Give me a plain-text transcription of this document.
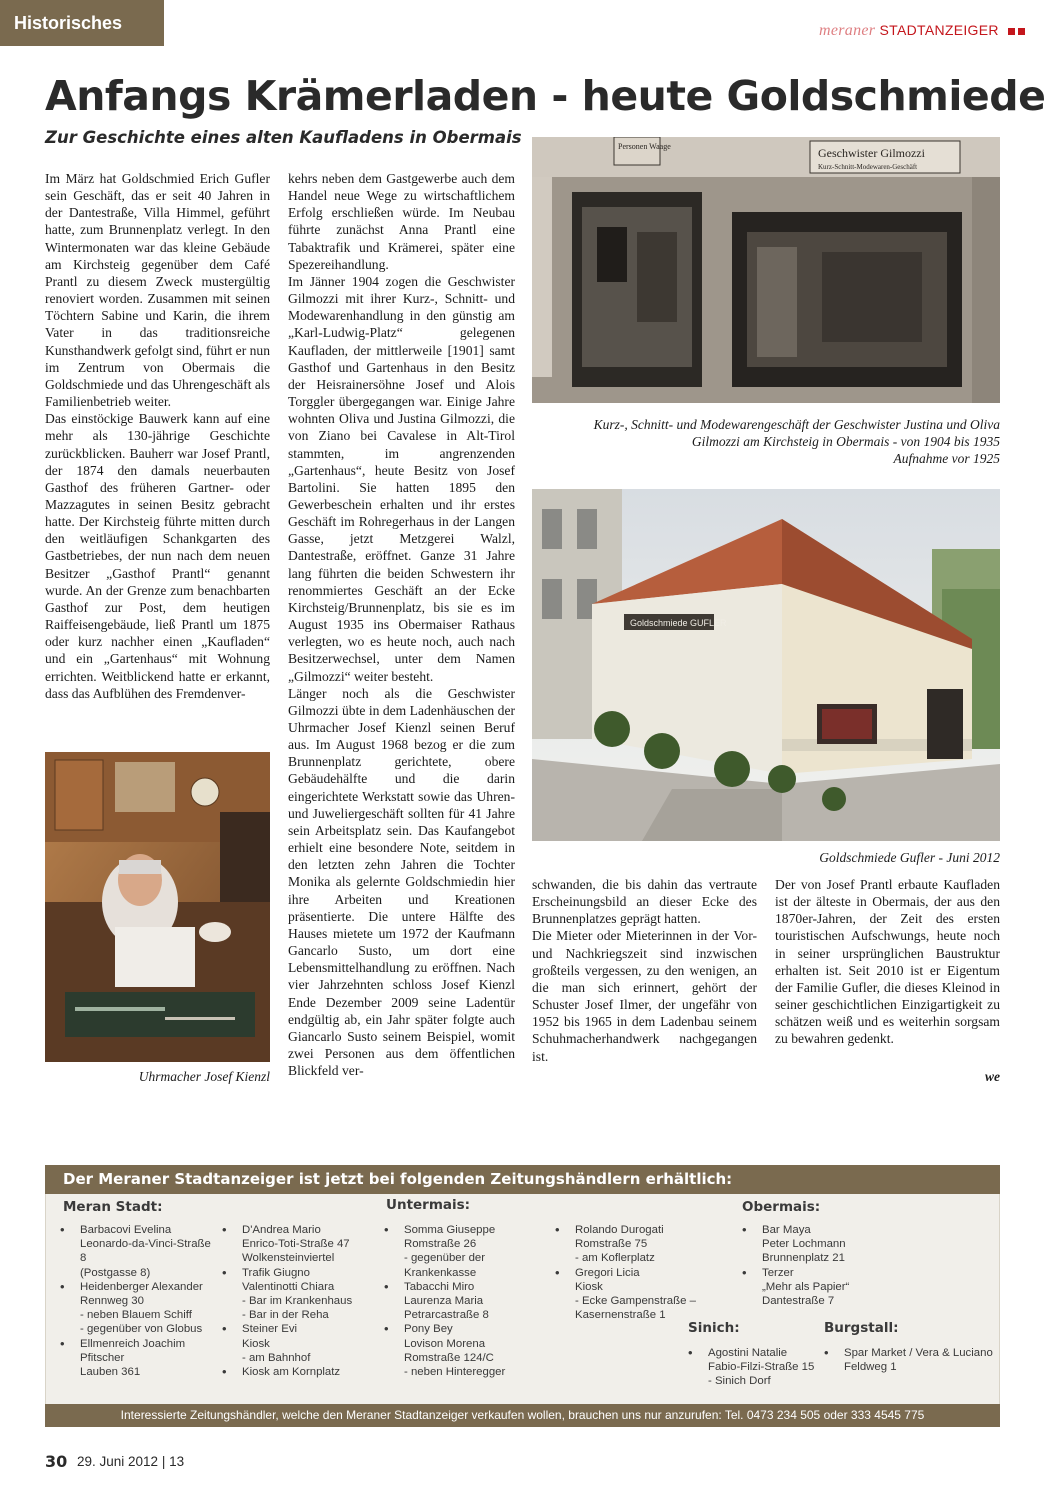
Historisches	meraner STADTANZEIGER
Anfangs Krämerladen - heute Goldschmiede
Zur Geschichte eines alten Kaufladens in Obermais

Im März hat Goldschmied Erich Gufler sein Geschäft, das er seit 40 Jahren in der Dantestraße, Villa Himmel, geführt hatte, zum Brunnenplatz verlegt. In den Wintermonaten war das kleine Gebäude am Kirchsteig gegenüber dem Café Prantl zu diesem Zweck mustergültig renoviert worden. Zusammen mit seinen Töchtern Sabine und Karin, die ihrem Vater in das traditionsreiche Kunsthandwerk gefolgt sind, führt er nun im Zentrum von Obermais die Goldschmiede und das Uhrengeschäft als Familienbetrieb weiter.

Das einstöckige Bauwerk kann auf eine mehr als 130-jährige Geschichte zurückblicken. Bauherr war Josef Prantl, der 1874 den damals neuerbauten Gasthof des früheren Gartner- oder Mazzagutes in seinen Besitz gebracht hatte. Der Kirchsteig führte mitten durch den weitläufigen Schankgarten des Gastbetriebes, der nun nach dem neuen Besitzer „Gasthof Prantl“ genannt wurde. An der Grenze zum benachbarten Gasthof zur Post, dem heutigen Raiffeisengebäude, ließ Prantl um 1875 oder kurz nachher einen „Kaufladen“ und ein „Gartenhaus“ mit Wohnung errichten. Weitblickend hatte er erkannt, dass das Aufblühen des Fremdenver-

kehrs neben dem Gastgewerbe auch dem Handel neue Wege zu wirtschaftlichem Erfolg erschließen würde. Im Neubau führte zunächst Anna Prantl eine Tabaktrafik und Krämerei, später eine Spezereihandlung.

Im Jänner 1904 zogen die Geschwister Gilmozzi mit ihrer Kurz-, Schnitt- und Modewarenhandlung in den günstig am „Karl-Ludwig-Platz“ gelegenen Kaufladen, der mittlerweile [1901] samt Gasthof und Gartenhaus in den Besitz der Heisrainersöhne Josef und Alois Torggler übergegangen war. Einige Jahre wohnten Oliva und Justina Gilmozzi, die von Ziano bei Cavalese in Alt-Tirol stammten, im angrenzenden „Gartenhaus“, heute Besitz von Josef Bartolini. Sie hatten 1895 den Gewerbeschein erhalten und ihr erstes Geschäft im Rohregerhaus in der Langen Gasse, jetzt Metzgerei Walzl, Dantestraße, eröffnet. Ganze 31 Jahre lang führten die beiden Schwestern ihr renommiertes Geschäft an der Ecke Kirchsteig/Brunnenplatz, bis sie es im August 1935 ins Obermaiser Rathaus verlegten, wo es heute noch, auch nach Besitzerwechsel, unter dem Namen „Gilmozzi“ weiter besteht.

Länger noch als die Geschwister Gilmozzi übte in dem Ladenhäuschen der Uhrmacher Josef Kienzl seinen Beruf aus. Im August 1968 bezog er die zum Brunnenplatz gerichtete, obere Gebäudehälfte und die darin eingerichtete Werkstatt sowie das Uhren- und Juweliergeschäft sollten für 41 Jahre sein Arbeitsplatz sein. Das Kaufangebot erhielt eine besondere Note, seitdem in den letzten zehn Jahren die Tochter Monika als gelernte Goldschmiedin hier ihre Arbeiten und Kreationen präsentierte. Die untere Hälfte des Hauses mietete um 1972 der Kaufmann Gancarlo Susto, um dort eine Lebensmittelhandlung zu eröffnen. Nach vier Jahrzehnten schloss Josef Kienzl Ende Dezember 2009 seine Ladentür endgültig ab, ein Jahr später folgte auch Giancarlo Susto seinem Beispiel, womit zwei Personen aus dem öffentlichen Blickfeld ver-

schwanden, die bis dahin das vertraute Erscheinungsbild an dieser Ecke des Brunnenplatzes geprägt hatten.

Die Mieter oder Mieterinnen in der Vor- und Nachkriegszeit sind inzwischen großteils vergessen, zu den wenigen, an die man sich erinnert, gehört der Schuster Josef Ilmer, der ungefähr von 1952 bis 1965 in dem Ladenbau seinem Schuhmacherhandwerk nachgegangen ist.

Der von Josef Prantl erbaute Kaufladen ist der älteste in Obermais, der aus den 1870er-Jahren, der Zeit des ersten touristischen Aufschwungs, heute noch in seiner ursprünglichen Baustruktur erhalten ist. Seit 2010 ist er Eigentum der Familie Gufler, die dieses Kleinod in seiner geschichtlichen Einzigartigkeit zu schätzen weiß und es weiterhin sorgsam zu bewahren gedenkt.

we
Uhrmacher Josef Kienzl
Geschwister Gilmozzi
Kurz-Schnitt-Modewaren-Geschäft
Personen Waage
Kurz-, Schnitt- und Modewarengeschäft der Geschwister Justina und Oliva
Gilmozzi am Kirchsteig in Obermais - von 1904 bis 1935
Aufnahme vor 1925
Goldschmiede GUFLER
Goldschmiede Gufler - Juni 2012
Der Meraner Stadtanzeiger ist jetzt bei folgenden Zeitungshändlern erhältlich:
Meran Stadt:	Untermais:	Obermais:
Sinich:	Burgstall:
• Barbacovi Evelina
Leonardo-da-Vinci-Straße 8
(Postgasse 8)
• Heidenberger Alexander
Rennweg 30
- neben Blauem Schiff
- gegenüber von Globus
• Ellmenreich Joachim
Pfitscher
Lauben 361
• D'Andrea Mario
Enrico-Toti-Straße 47
Wolkensteinviertel
• Trafik Giugno
Valentinotti Chiara
- Bar im Krankenhaus
- Bar in der Reha
• Steiner Evi
Kiosk
- am Bahnhof
• Kiosk am Kornplatz
• Somma Giuseppe
Romstraße 26
- gegenüber der Krankenkasse
• Tabacchi Miro
Laurenza Maria
Petrarcastraße 8
• Pony Bey
Lovison Morena
Romstraße 124/C
- neben Hinteregger
• Rolando Durogati
Romstraße 75
- am Koflerplatz
• Gregori Licia
Kiosk
- Ecke Gampenstraße –
Kasernenstraße 1
• Bar Maya
Peter Lochmann
Brunnenplatz 21
• Terzer
„Mehr als Papier“
Dantestraße 7
• Agostini Natalie
Fabio-Filzi-Straße 15
- Sinich Dorf
• Spar Market / Vera & Luciano
Feldweg 1
Interessierte Zeitungshändler, welche den Meraner Stadtanzeiger verkaufen wollen, brauchen uns nur anzurufen: Tel. 0473 234 505 oder 333 4545 775
30 29. Juni 2012 | 13
